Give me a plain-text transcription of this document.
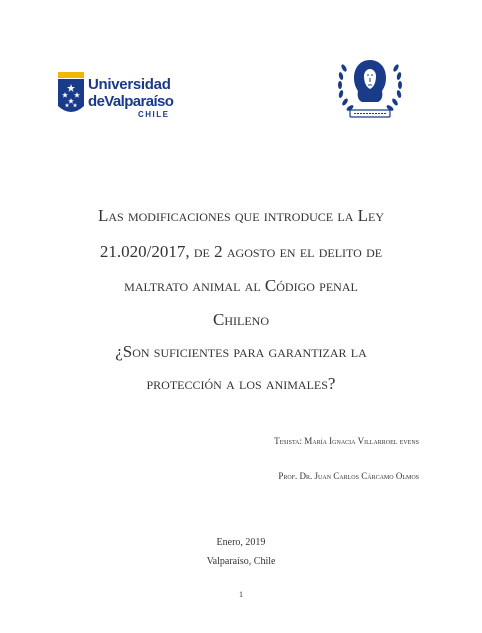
Universidad
deValparaíso
CHILE
Las modificaciones que introduce la Ley
21.020/2017, de 2 agosto en el delito de
maltrato animal al Código penal
Chileno
¿Son suficientes para garantizar la
protección a los animales?
Tesista: María Ignacia Villarroel evens
Prof. Dr. Juan Carlos Cárcamo Olmos
Enero, 2019
Valparaíso, Chile
1
